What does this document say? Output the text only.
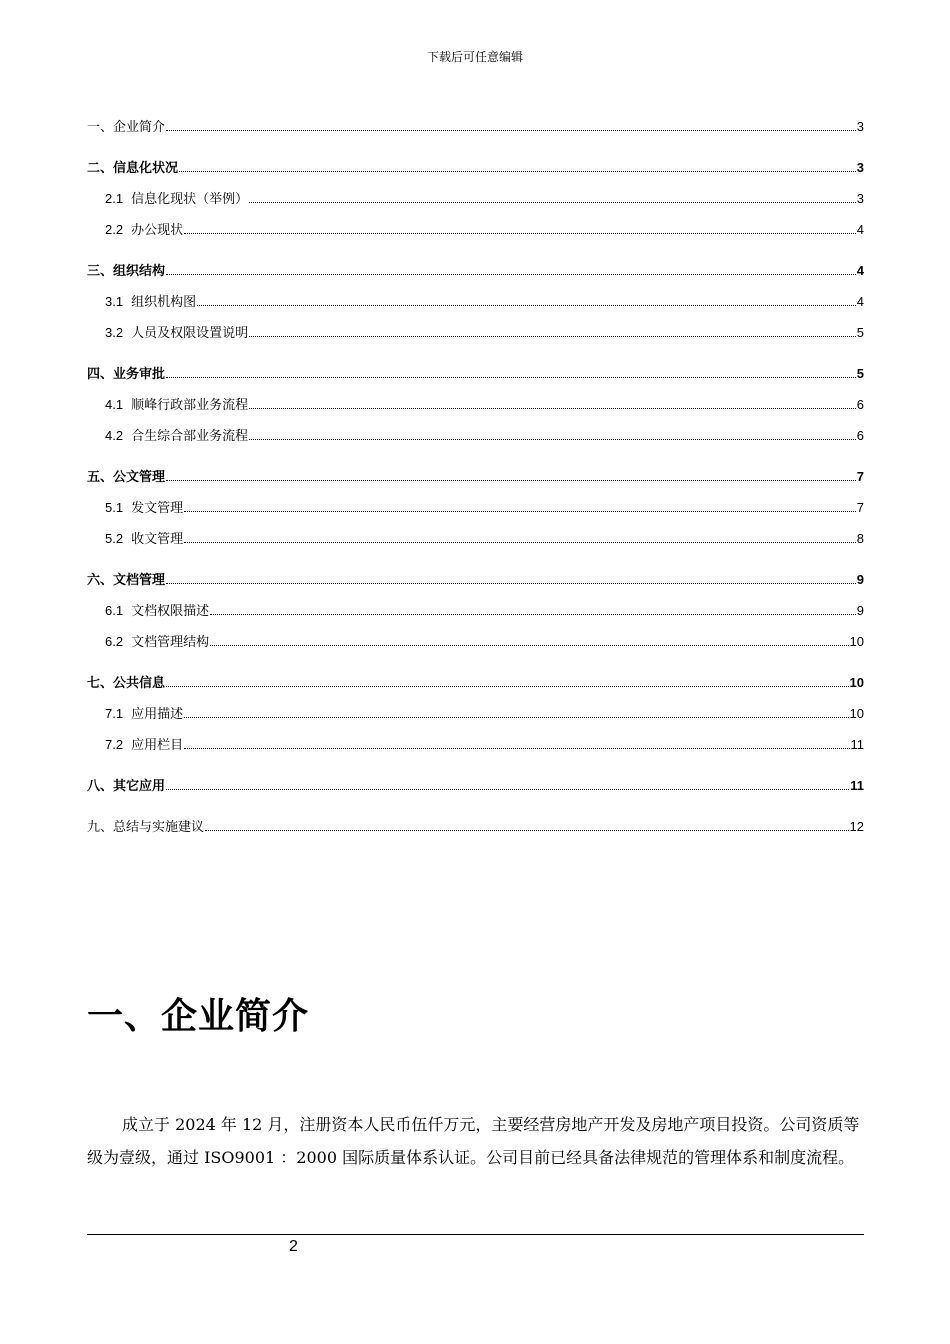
下载后可任意编辑
一、企业简介	3
二、信息化状况	3
2.1 信息化现状（举例）	3
2.2 办公现状	4
三、组织结构	4
3.1 组织机构图	4
3.2 人员及权限设置说明	5
四、业务审批	5
4.1 顺峰行政部业务流程	6
4.2 合生综合部业务流程	6
五、公文管理	7
5.1 发文管理	7
5.2 收文管理	8
六、文档管理	9
6.1 文档权限描述	9
6.2 文档管理结构	10
七、公共信息	10
7.1 应用描述	10
7.2 应用栏目	11
八、其它应用	11
九、总结与实施建议	12
一、企业简介
成立于 2024 年 12 月，注册资本人民币伍仟万元，主要经营房地产开发及房地产项目投资。公司资质等级为壹级，通过 ISO9001 ：2000 国际质量体系认证。公司目前已经具备法律规范的管理体系和制度流程。
2
